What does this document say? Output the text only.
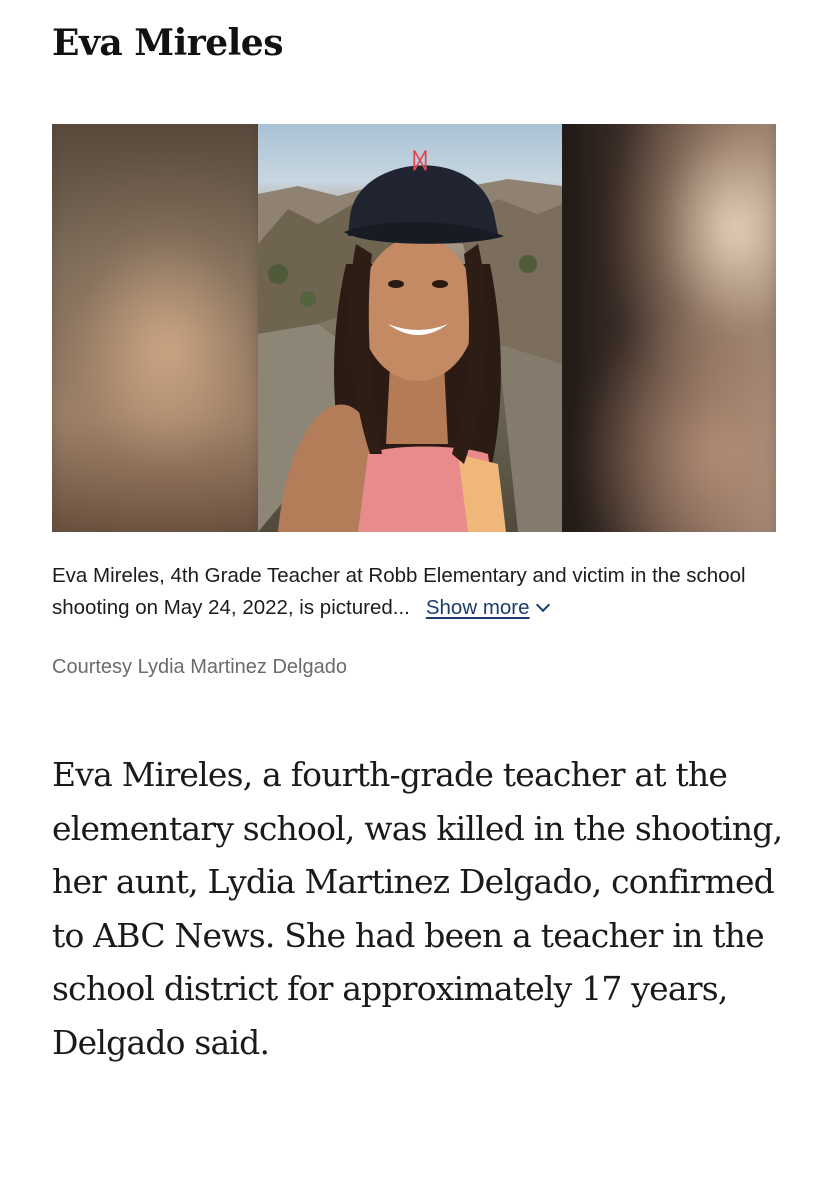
Eva Mireles
ᛞ

Eva Mireles, 4th Grade Teacher at Robb Elementary and victim in the school shooting on May 24, 2022, is pictured... Show more

Courtesy Lydia Martinez Delgado

Eva Mireles, a fourth-grade teacher at the elementary school, was killed in the shooting, her aunt, Lydia Martinez Delgado, confirmed to ABC News. She had been a teacher in the school district for approximately 17 years, Delgado said.
